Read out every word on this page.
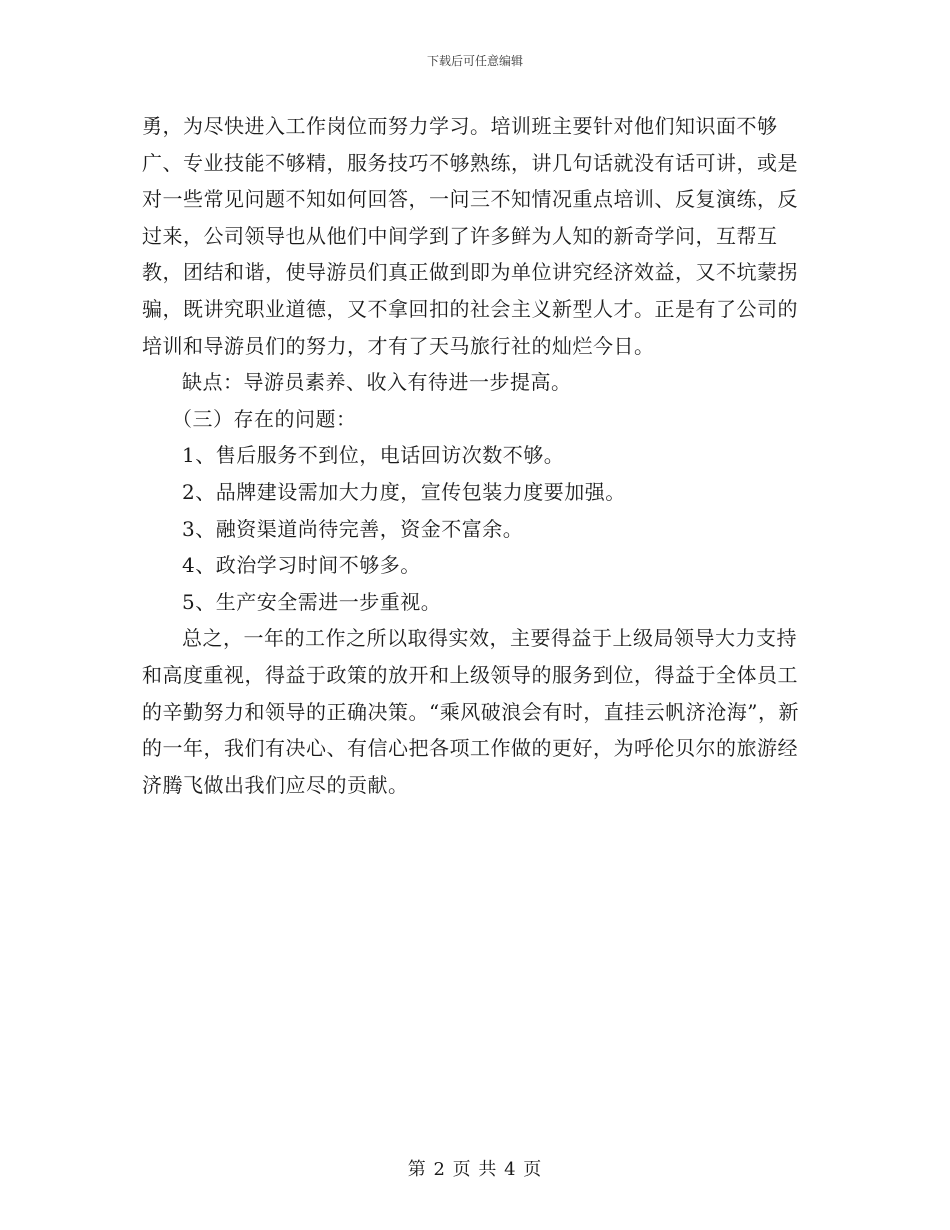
下载后可任意编辑

勇，为尽快进入工作岗位而努力学习。培训班主要针对他们知识面不够广、专业技能不够精，服务技巧不够熟练，讲几句话就没有话可讲，或是对一些常见问题不知如何回答，一问三不知情况重点培训、反复演练，反过来，公司领导也从他们中间学到了许多鲜为人知的新奇学问，互帮互教，团结和谐，使导游员们真正做到即为单位讲究经济效益，又不坑蒙拐骗，既讲究职业道德，又不拿回扣的社会主义新型人才。正是有了公司的培训和导游员们的努力，才有了天马旅行社的灿烂今日。

缺点：导游员素养、收入有待进一步提高。

（三）存在的问题：

1、售后服务不到位，电话回访次数不够。

2、品牌建设需加大力度，宣传包装力度要加强。

3、融资渠道尚待完善，资金不富余。

4、政治学习时间不够多。

5、生产安全需进一步重视。

总之，一年的工作之所以取得实效，主要得益于上级局领导大力支持和高度重视，得益于政策的放开和上级领导的服务到位，得益于全体员工的辛勤努力和领导的正确决策。“乘风破浪会有时，直挂云帆济沧海”，新的一年，我们有决心、有信心把各项工作做的更好，为呼伦贝尔的旅游经济腾飞做出我们应尽的贡献。

第 2 页 共 4 页
